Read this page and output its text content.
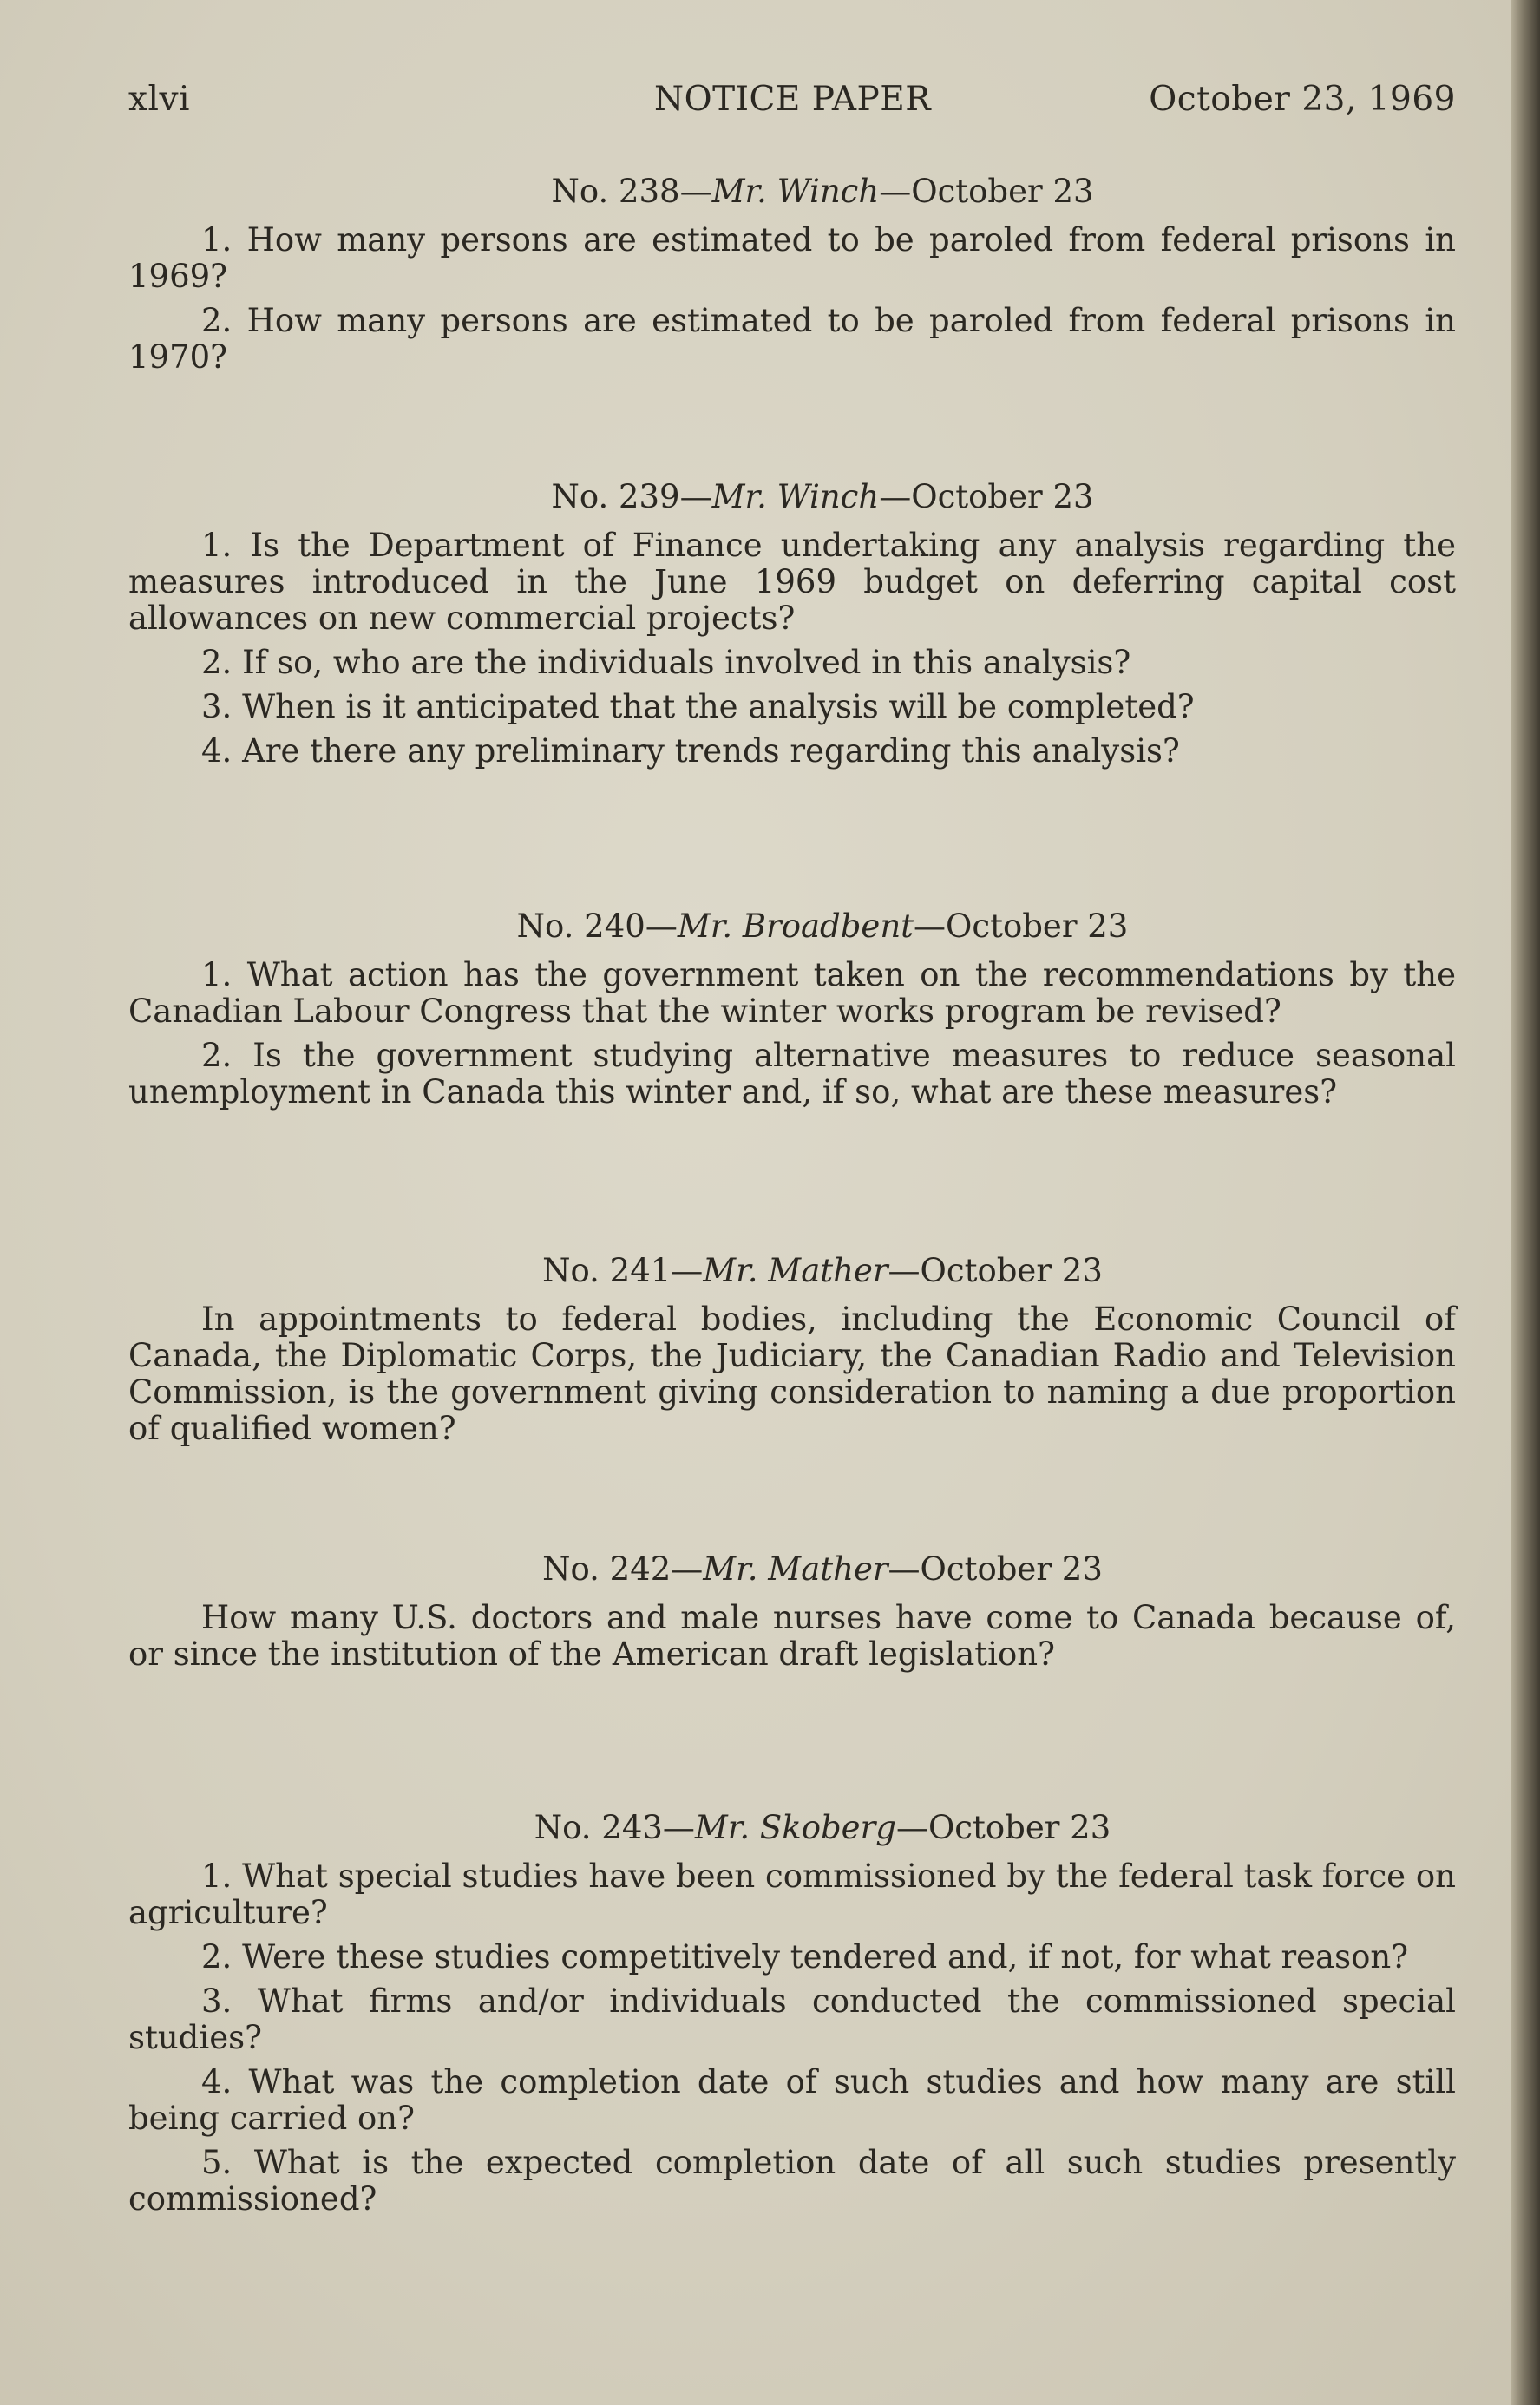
xlvi	NOTICE PAPER	October 23, 1969
No. 238—Mr. Winch—October 23

1. How many persons are estimated to be paroled from federal prisons in 1969?

2. How many persons are estimated to be paroled from federal prisons in 1970?

No. 239—Mr. Winch—October 23

1. Is the Department of Finance undertaking any analysis regarding the measures introduced in the June 1969 budget on deferring capital cost allowances on new commercial projects?

2. If so, who are the individuals involved in this analysis?

3. When is it anticipated that the analysis will be completed?

4. Are there any preliminary trends regarding this analysis?

No. 240—Mr. Broadbent—October 23

1. What action has the government taken on the recommendations by the Canadian Labour Congress that the winter works program be revised?

2. Is the government studying alternative measures to reduce seasonal unemployment in Canada this winter and, if so, what are these measures?

No. 241—Mr. Mather—October 23

In appointments to federal bodies, including the Economic Council of Canada, the Diplomatic Corps, the Judiciary, the Canadian Radio and Television Commission, is the government giving consideration to naming a due proportion of qualified women?

No. 242—Mr. Mather—October 23

How many U.S. doctors and male nurses have come to Canada because of, or since the institution of the American draft legislation?

No. 243—Mr. Skoberg—October 23

1. What special studies have been commissioned by the federal task force on agriculture?

2. Were these studies competitively tendered and, if not, for what reason?

3. What firms and/or individuals conducted the commissioned special studies?

4. What was the completion date of such studies and how many are still being carried on?

5. What is the expected completion date of all such studies presently commissioned?
